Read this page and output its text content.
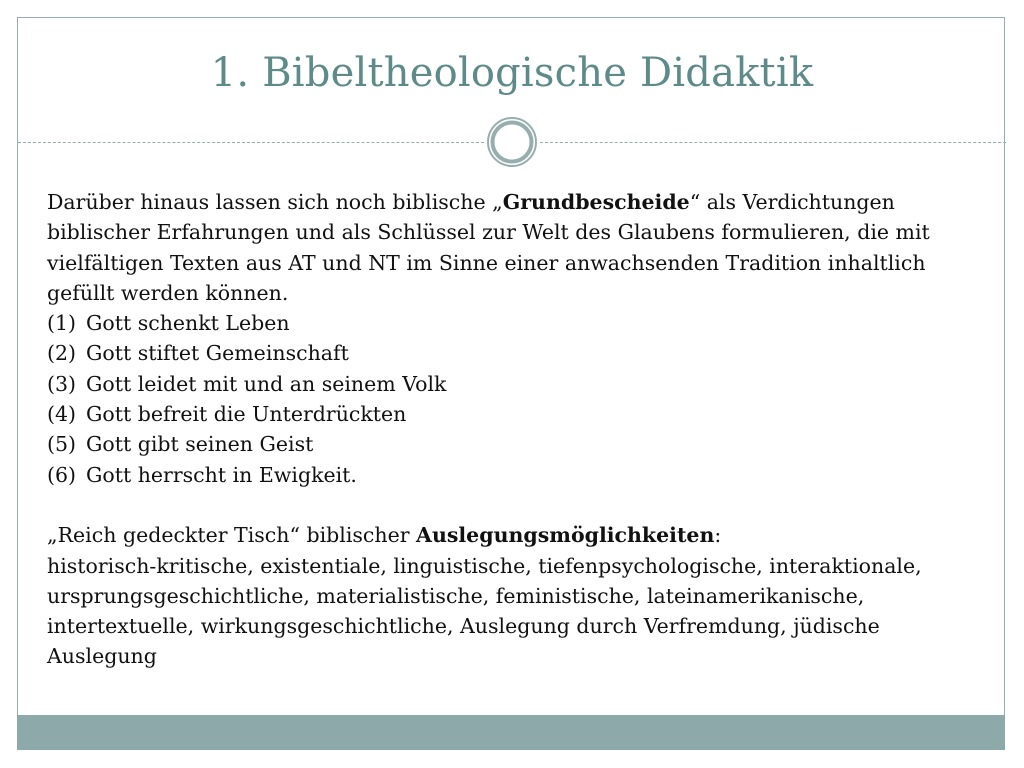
1. Bibeltheologische Didaktik

Darüber hinaus lassen sich noch biblische „Grundbescheide“ als Verdichtungen biblischer Erfahrungen und als Schlüssel zur Welt des Glaubens formulieren, die mit vielfältigen Texten aus AT und NT im Sinne einer anwachsenden Tradition inhaltlich gefüllt werden können.

(1) Gott schenkt Leben
(2) Gott stiftet Gemeinschaft
(3) Gott leidet mit und an seinem Volk
(4) Gott befreit die Unterdrückten
(5) Gott gibt seinen Geist
(6) Gott herrscht in Ewigkeit.

„Reich gedeckter Tisch“ biblischer Auslegungsmöglichkeiten:

historisch-kritische, existentiale, linguistische, tiefenpsychologische, interaktionale, ursprungsgeschichtliche, materialistische, feministische, lateinamerikanische, intertextuelle, wirkungsgeschichtliche, Auslegung durch Verfremdung, jüdische Auslegung
